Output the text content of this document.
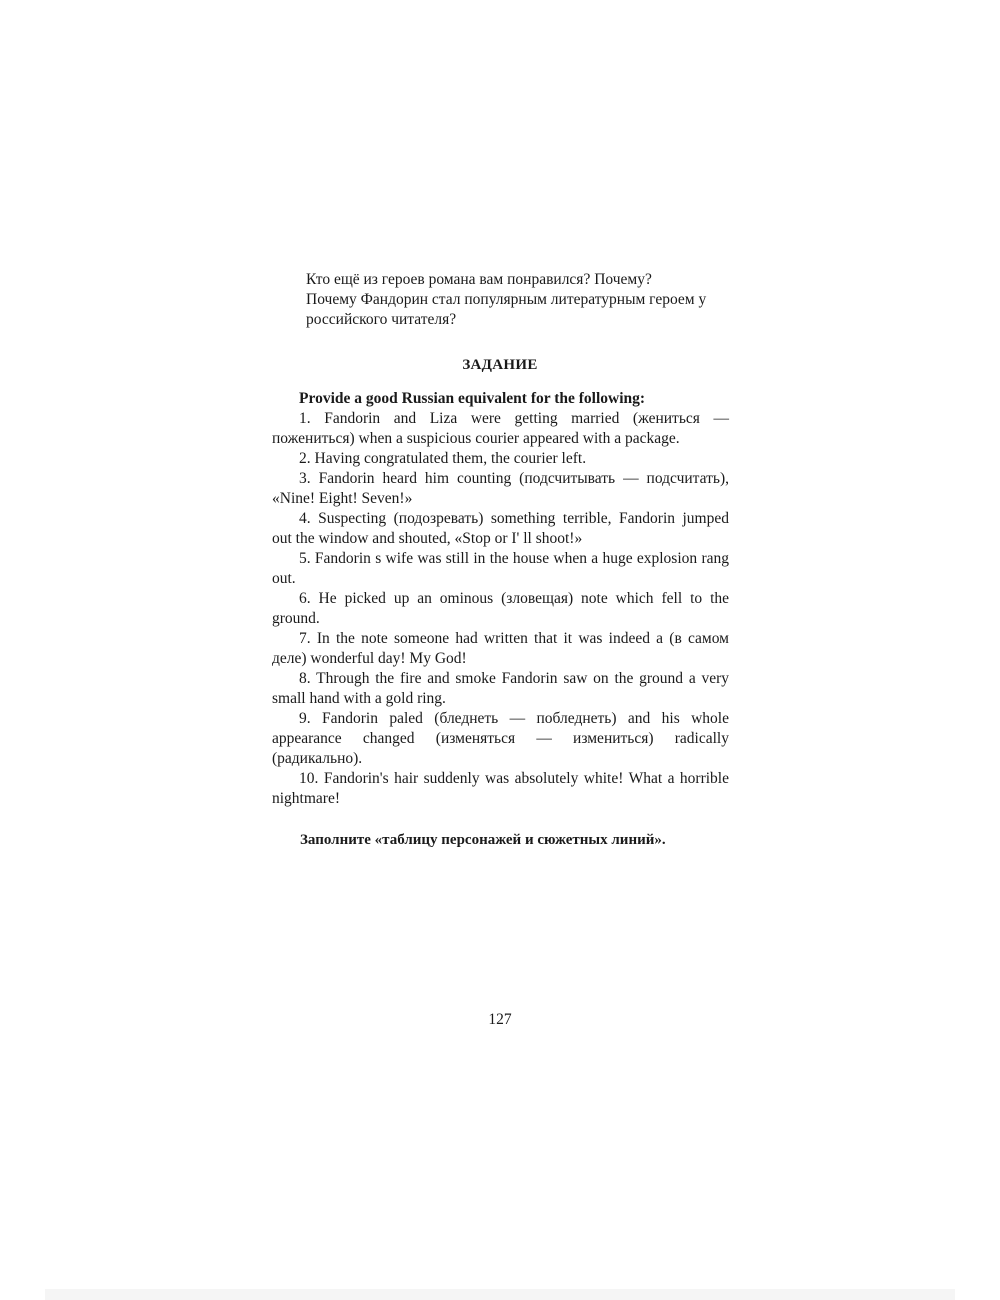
Кто ещё из героев романа вам понравился? Почему?

Почему Фандорин стал популярным литературным героем у российского читателя?

ЗАДАНИЕ

Provide a good Russian equivalent for the following:

1. Fandorin and Liza were getting married (жениться — пожениться) when a suspicious courier appeared with a package.

2. Having congratulated them, the courier left.

3. Fandorin heard him counting (подсчитывать — подсчитать), «Nine! Eight! Seven!»

4. Suspecting (подозревать) something terrible, Fandorin jumped out the window and shouted, «Stop or I' ll shoot!»

5. Fandorin s wife was still in the house when a huge explosion rang out.

6. He picked up an ominous (зловещая) note which fell to the ground.

7. In the note someone had written that it was indeed a (в самом деле) wonderful day! My God!

8. Through the fire and smoke Fandorin saw on the ground a very small hand with a gold ring.

9. Fandorin paled (бледнеть — побледнеть) and his whole appearance changed (изменяться — измениться) radically (радикально).

10. Fandorin's hair suddenly was absolutely white! What a horrible nightmare!

Заполните «таблицу персонажей и сюжетных линий».
127
